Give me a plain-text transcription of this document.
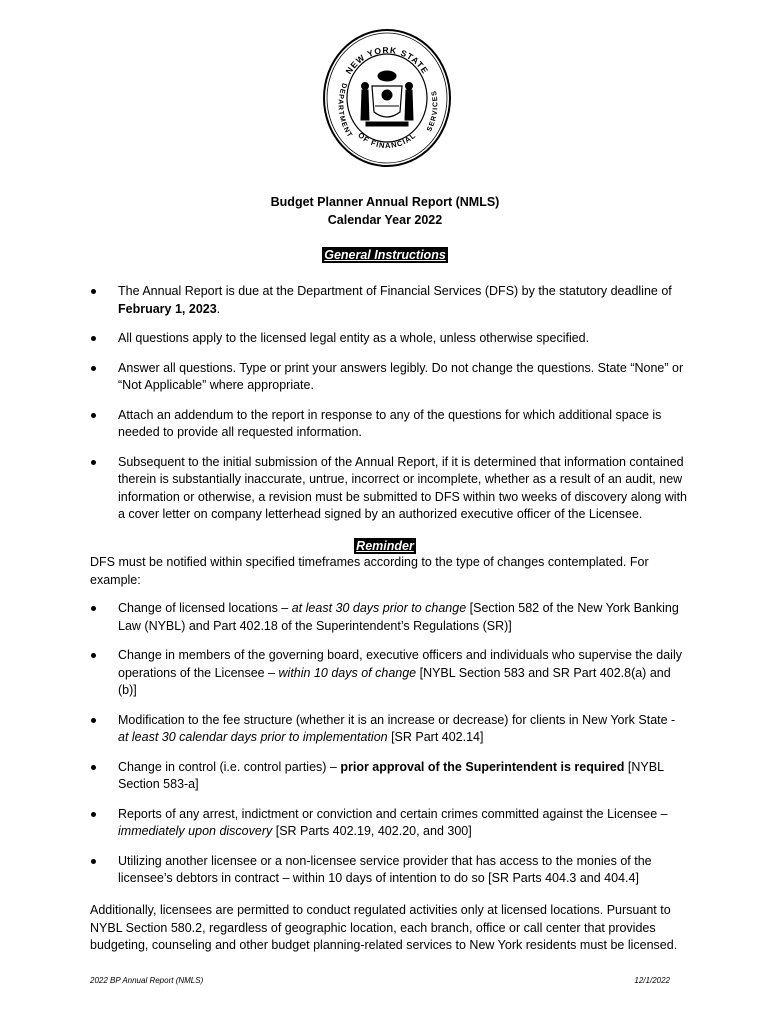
NEW YORK STATE
DEPARTMENT
SERVICES
OF FINANCIAL
Budget Planner Annual Report (NMLS)
Calendar Year 2022
General Instructions
The Annual Report is due at the Department of Financial Services (DFS) by the statutory deadline of February 1, 2023.
All questions apply to the licensed legal entity as a whole, unless otherwise specified.
Answer all questions. Type or print your answers legibly. Do not change the questions. State “None” or “Not Applicable” where appropriate.
Attach an addendum to the report in response to any of the questions for which additional space is needed to provide all requested information.
Subsequent to the initial submission of the Annual Report, if it is determined that information contained therein is substantially inaccurate, untrue, incorrect or incomplete, whether as a result of an audit, new information or otherwise, a revision must be submitted to DFS within two weeks of discovery along with a cover letter on company letterhead signed by an authorized executive officer of the Licensee.
Reminder

DFS must be notified within specified timeframes according to the type of changes contemplated. For example:

Change of licensed locations – at least 30 days prior to change [Section 582 of the New York Banking Law (NYBL) and Part 402.18 of the Superintendent’s Regulations (SR)]
Change in members of the governing board, executive officers and individuals who supervise the daily operations of the Licensee – within 10 days of change [NYBL Section 583 and SR Part 402.8(a) and (b)]
Modification to the fee structure (whether it is an increase or decrease) for clients in New York State - at least 30 calendar days prior to implementation [SR Part 402.14]
Change in control (i.e. control parties) – prior approval of the Superintendent is required [NYBL Section 583-a]
Reports of any arrest, indictment or conviction and certain crimes committed against the Licensee – immediately upon discovery [SR Parts 402.19, 402.20, and 300]
Utilizing another licensee or a non-licensee service provider that has access to the monies of the licensee’s debtors in contract – within 10 days of intention to do so [SR Parts 404.3 and 404.4]

Additionally, licensees are permitted to conduct regulated activities only at licensed locations. Pursuant to NYBL Section 580.2, regardless of geographic location, each branch, office or call center that provides budgeting, counseling and other budget planning-related services to New York residents must be licensed.

2022 BP Annual Report (NMLS)	12/1/2022
